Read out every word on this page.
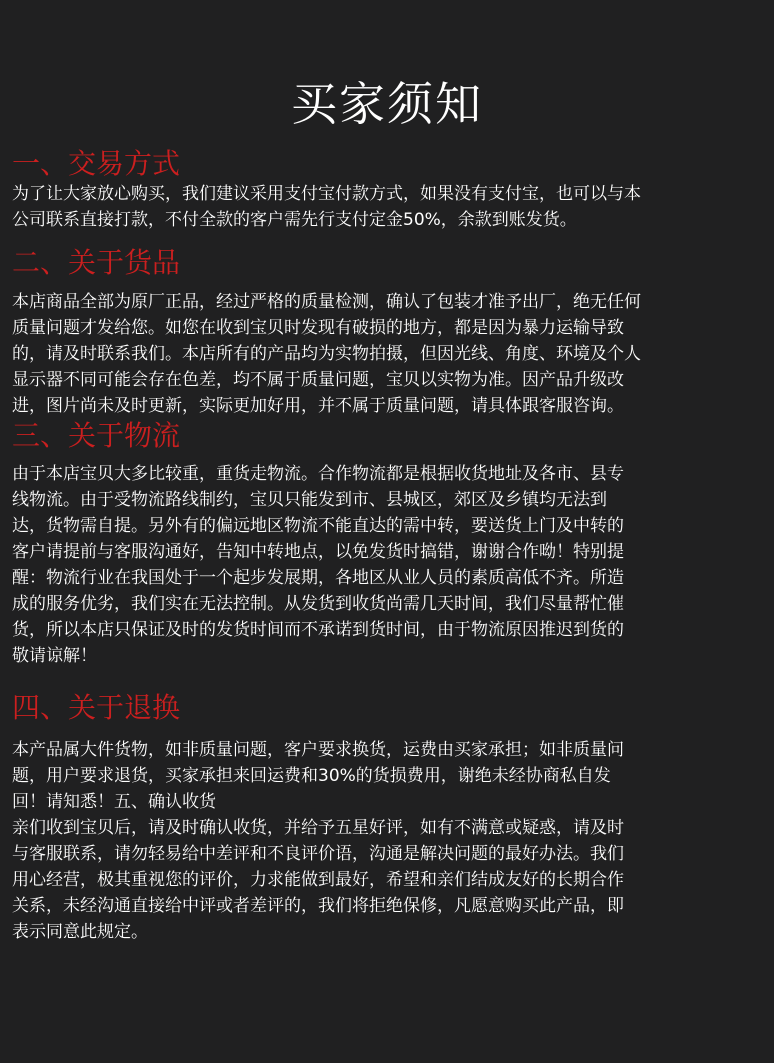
买家须知
一、交易方式
为了让大家放心购买，我们建议采用支付宝付款方式，如果没有支付宝，也可以与本
公司联系直接打款，不付全款的客户需先行支付定金50%，余款到账发货。
二、关于货品
本店商品全部为原厂正品，经过严格的质量检测，确认了包装才准予出厂，绝无任何
质量问题才发给您。如您在收到宝贝时发现有破损的地方，都是因为暴力运输导致
的，请及时联系我们。本店所有的产品均为实物拍摄，但因光线、角度、环境及个人
显示器不同可能会存在色差，均不属于质量问题，宝贝以实物为准。因产品升级改
进，图片尚未及时更新，实际更加好用，并不属于质量问题，请具体跟客服咨询。
三、关于物流
由于本店宝贝大多比较重，重货走物流。合作物流都是根据收货地址及各市、县专
线物流。由于受物流路线制约，宝贝只能发到市、县城区，郊区及乡镇均无法到
达，货物需自提。另外有的偏远地区物流不能直达的需中转，要送货上门及中转的
客户请提前与客服沟通好，告知中转地点，以免发货时搞错，谢谢合作呦！特别提
醒：物流行业在我国处于一个起步发展期，各地区从业人员的素质高低不齐。所造
成的服务优劣，我们实在无法控制。从发货到收货尚需几天时间，我们尽量帮忙催
货，所以本店只保证及时的发货时间而不承诺到货时间，由于物流原因推迟到货的
敬请谅解！
四、关于退换
本产品属大件货物，如非质量问题，客户要求换货，运费由买家承担；如非质量问
题，用户要求退货，买家承担来回运费和30%的货损费用，谢绝未经协商私自发
回！请知悉！五、确认收货
亲们收到宝贝后，请及时确认收货，并给予五星好评，如有不满意或疑惑，请及时
与客服联系，请勿轻易给中差评和不良评价语，沟通是解决问题的最好办法。我们
用心经营，极其重视您的评价，力求能做到最好，希望和亲们结成友好的长期合作
关系，未经沟通直接给中评或者差评的，我们将拒绝保修，凡愿意购买此产品，即
表示同意此规定。
